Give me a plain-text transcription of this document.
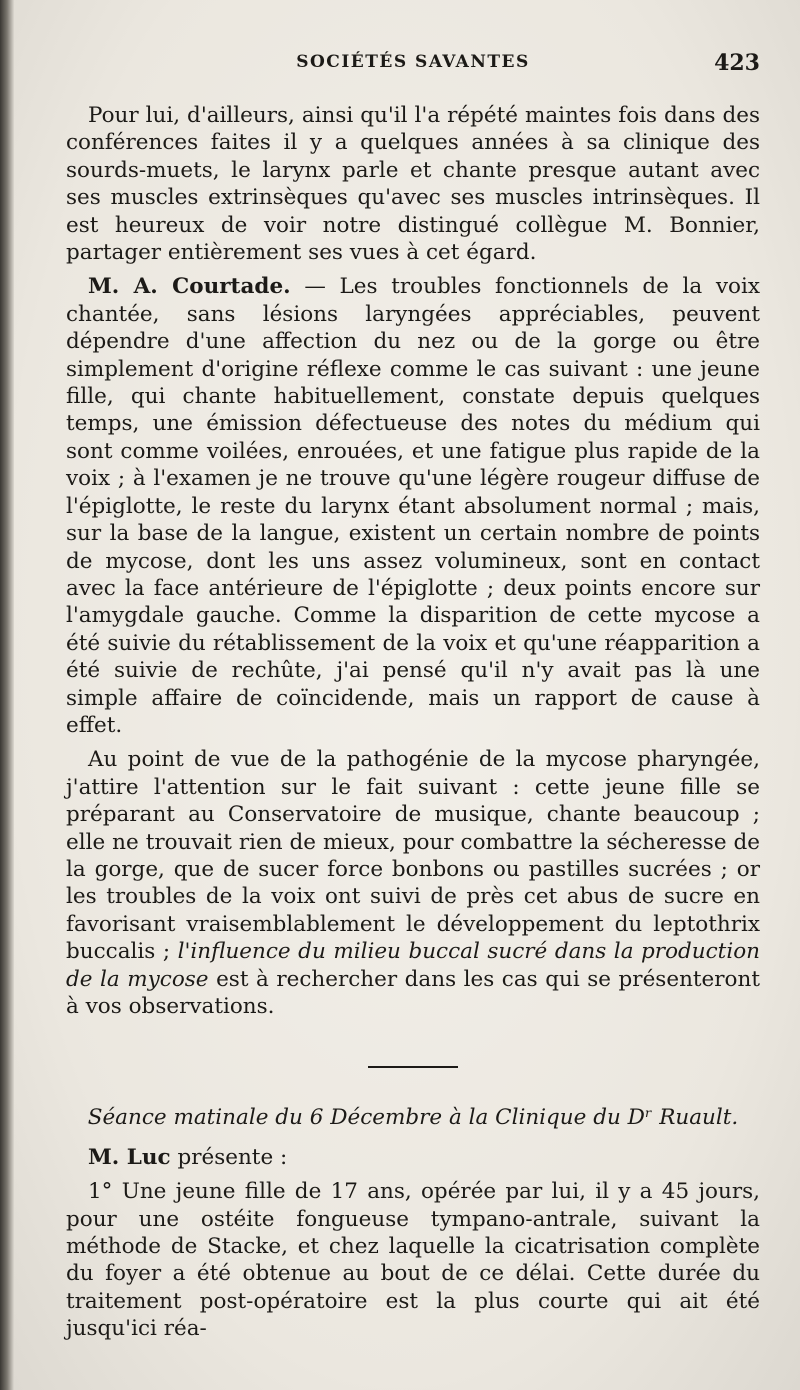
SOCIÉTÉS SAVANTES	423

Pour lui, d'ailleurs, ainsi qu'il l'a répété maintes fois dans des conférences faites il y a quelques années à sa clinique des sourds-muets, le larynx parle et chante presque autant avec ses muscles extrinsèques qu'avec ses muscles intrinsèques. Il est heureux de voir notre distingué collègue M. Bonnier, partager entièrement ses vues à cet égard.

M. A. Courtade. — Les troubles fonctionnels de la voix chantée, sans lésions laryngées appréciables, peuvent dépendre d'une affection du nez ou de la gorge ou être simplement d'origine réflexe comme le cas suivant : une jeune fille, qui chante habituellement, constate depuis quelques temps, une émission défectueuse des notes du médium qui sont comme voilées, enrouées, et une fatigue plus rapide de la voix ; à l'examen je ne trouve qu'une légère rougeur diffuse de l'épiglotte, le reste du larynx étant absolument normal ; mais, sur la base de la langue, existent un certain nombre de points de mycose, dont les uns assez volumineux, sont en contact avec la face antérieure de l'épiglotte ; deux points encore sur l'amygdale gauche. Comme la disparition de cette mycose a été suivie du rétablissement de la voix et qu'une réapparition a été suivie de rechûte, j'ai pensé qu'il n'y avait pas là une simple affaire de coïncidende, mais un rapport de cause à effet.

Au point de vue de la pathogénie de la mycose pharyngée, j'attire l'attention sur le fait suivant : cette jeune fille se préparant au Conservatoire de musique, chante beaucoup ; elle ne trouvait rien de mieux, pour combattre la sécheresse de la gorge, que de sucer force bonbons ou pastilles sucrées ; or les troubles de la voix ont suivi de près cet abus de sucre en favorisant vraisemblablement le développement du leptothrix buccalis ; l'influence du milieu buccal sucré dans la production de la mycose est à rechercher dans les cas qui se présenteront à vos observations.

Séance matinale du 6 Décembre à la Clinique du Dʳ Ruault.

M. Luc présente :

1° Une jeune fille de 17 ans, opérée par lui, il y a 45 jours, pour une ostéite fongueuse tympano-antrale, suivant la méthode de Stacke, et chez laquelle la cicatrisation complète du foyer a été obtenue au bout de ce délai. Cette durée du traitement post-opératoire est la plus courte qui ait été jusqu'ici réa-
